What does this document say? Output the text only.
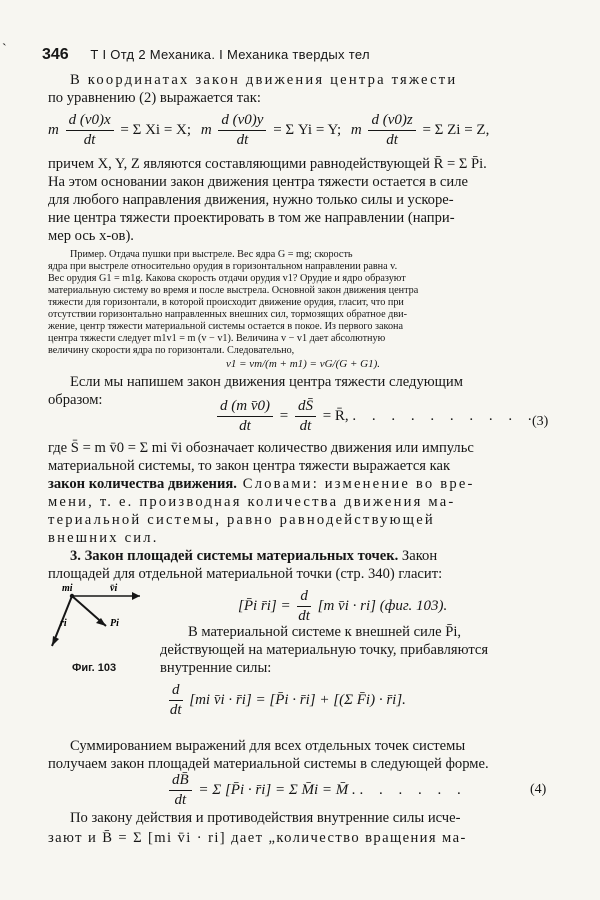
ˋ 346 Т I Отд 2 Механика. I Механика твердых тел
В координатах закон движения центра тяжести
по уравнению (2) выражается так:
m $\frac{d (v0)x}{dt} = \Sigma$ Xi = X; m $\frac{d (v0)y}{dt} = \Sigma$ Yi = Y; m $\frac{d (v0)z}{dt} = \Sigma$ Zi = Z,
причем X, Y, Z являются составляющими равнодействующей R̄ = Σ P̄i.
На этом основании закон движения центра тяжести остается в силе
для любого направления движения, нужно только силы и ускоре-
ние центра тяжести проектировать в том же направлении (напри-
мер ось x-ов).
Пример. Отдача пушки при выстреле. Вес ядра G = mg; скорость
ядра при выстреле относительно орудия в горизонтальном направлении равна v.
Вес орудия G1 = m1g. Какова скорость отдачи орудия v1? Орудие и ядро образуют
материальную систему во время и после выстрела. Основной закон движения центра
тяжести для горизонтали, в которой происходит движение орудия, гласит, что при
отсутствии горизонтально направленных внешних сил, тормозящих обратное дви-
жение, центр тяжести материальной системы остается в покое. Из первого закона
центра тяжести следует m1v1 = m (v − v1). Величина v − v1 дает абсолютную
величину скорости ядра по горизонтали. Следовательно,
v1 = vm/(m + m1) = vG/(G + G1).
Если мы напишем закон движения центра тяжести следующим
образом:	$\frac{\text{d (m v̄0)}}{dt} = \frac{dS̄}{dt}$ = R̄, . . . . . . . . . .
(3)
где S̄ = m v̄0 = Σ mi v̄i обозначает количество движения или импульс
материальной системы, то закон центра тяжести выражается как
закон количества движения. Словами: изменение во вре-
мени, т. е. производная количества движения ма-
териальной системы, равно равнодействующей
внешних сил.
mi	v̄i
ri	Pi
Фиг. 103
[P̄i r̄i] = $\frac{d}{dt} [m$ v̄i · ri] (фиг. 103).
В материальной системе к внешней силе P̄i,
действующей на материальную точку, прибавляются
внутренние силы:
$\frac{d}{dt} [mi$ v̄i · r̄i] = [P̄i · r̄i] + [(Σ F̄i) · r̄i].
Суммированием выражений для всех отдельных точек системы
получаем закон площадей материальной системы в следующей форме.
$\frac{dB̄}{dt} = \Sigma$ [P̄i · r̄i] = Σ M̄i = M̄ . . . . . . .	(4)
По закону действия и противодействия внутренние силы исче-
зают и B̄ = Σ [mi v̄i · ri] дает „количество вращения ма-
3. Закон площадей системы материальных точек. Закон
площадей для отдельной материальной точки (стр. 340) гласит:
